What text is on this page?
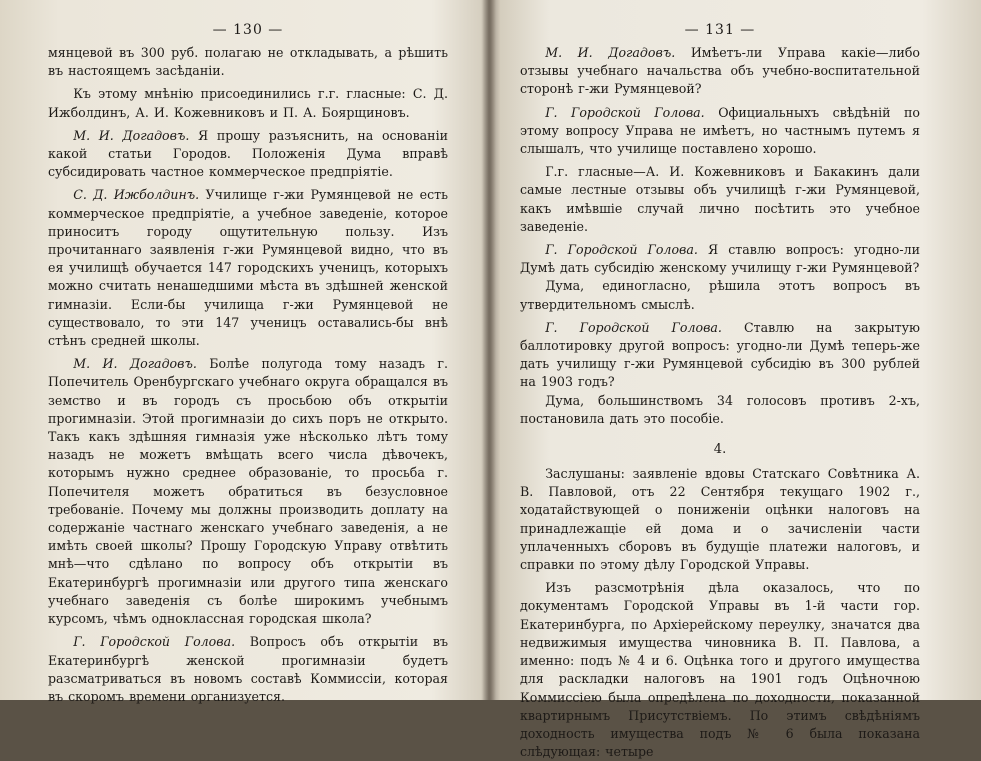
— 130 —

мянцевой въ 300 руб. полагаю не откладывать, а рѣшить въ настоящемъ засѣданіи.

Къ этому мнѣнію присоединились г.г. гласные: С. Д. Ижболдинъ, А. И. Кожевниковъ и П. А. Боярщиновъ.

М. И. Догадовъ. Я прошу разъяснить, на основаніи какой статьи Городов. Положенія Дума вправѣ субсидировать частное коммерческое предпріятіе.

С. Д. Ижболдинъ. Училище г-жи Румянцевой не есть коммерческое предпріятіе, а учебное заведеніе, которое приноситъ городу ощутительную пользу. Изъ прочитаннаго заявленія г-жи Румянцевой видно, что въ ея училищѣ обучается 147 городскихъ ученицъ, которыхъ можно считать ненашедшими мѣста въ здѣшней женской гимназіи. Если-бы училища г-жи Румянцевой не существовало, то эти 147 ученицъ оставались-бы внѣ стѣнъ средней школы.

М. И. Догадовъ. Болѣе полугода тому назадъ г. Попечитель Оренбургскаго учебнаго округа обращался въ земство и въ городъ съ просьбою объ открытіи прогимназіи. Этой прогимназіи до сихъ поръ не открыто. Такъ какъ здѣшняя гимназія уже нѣсколько лѣтъ тому назадъ не можетъ вмѣщать всего числа дѣвочекъ, которымъ нужно среднее образованіе, то просьба г. Попечителя можетъ обратиться въ безусловное требованіе. Почему мы должны производить доплату на содержаніе частнаго женскаго учебнаго заведенія, а не имѣть своей школы? Прошу Городскую Управу отвѣтить мнѣ—что сдѣлано по вопросу объ открытіи въ Екатеринбургѣ прогимназіи или другого типа женскаго учебнаго заведенія съ болѣе широкимъ учебнымъ курсомъ, чѣмъ одноклассная городская школа?

Г. Городской Голова. Вопросъ объ открытіи въ Екатеринбургѣ женской прогимназіи будетъ разсматриваться въ новомъ составѣ Коммиссіи, которая въ скоромъ времени организуется.

— 131 —

М. И. Догадовъ. Имѣетъ-ли Управа какіе—либо отзывы учебнаго начальства объ учебно-воспитательной сторонѣ г-жи Румянцевой?

Г. Городской Голова. Официальныхъ свѣдѣній по этому вопросу Управа не имѣетъ, но частнымъ путемъ я слышалъ, что училище поставлено хорошо.

Г.г. гласные—А. И. Кожевниковъ и Бакакинъ дали самые лестные отзывы объ училищѣ г-жи Румянцевой, какъ имѣвшіе случай лично посѣтить это учебное заведеніе.

Г. Городской Голова. Я ставлю вопросъ: угодно-ли Думѣ дать субсидію женскому училищу г-жи Румянцевой?

Дума, единогласно, рѣшила этотъ вопросъ въ утвердительномъ смыслѣ.

Г. Городской Голова. Ставлю на закрытую баллотировку другой вопросъ: угодно-ли Думѣ теперь-же дать училищу г-жи Румянцевой субсидію въ 300 рублей на 1903 годъ?

Дума, большинствомъ 34 голосовъ противъ 2-хъ, постановила дать это пособіе.

4.

Заслушаны: заявленіе вдовы Статскаго Совѣтника А. В. Павловой, отъ 22 Сентября текущаго 1902 г., ходатайствующей о пониженіи оцѣнки налоговъ на принадлежащіе ей дома и о зачисленіи части уплаченныхъ сборовъ въ будущіе платежи налоговъ, и справки по этому дѣлу Городской Управы.

Изъ разсмотрѣнія дѣла оказалось, что по документамъ Городской Управы въ 1-й части гор. Екатеринбурга, по Архіерейскому переулку, значатся два недвижимыя имущества чиновника В. П. Павлова, а именно: подъ № 4 и 6. Оцѣнка того и другого имущества для раскладки налоговъ на 1901 годъ Оцѣночною Коммиссіею была опредѣлена по доходности, показанной квартирнымъ Присутствіемъ. По этимъ свѣдѣніямъ доходность имущества подъ № 6 была показана слѣдующая: четыре
